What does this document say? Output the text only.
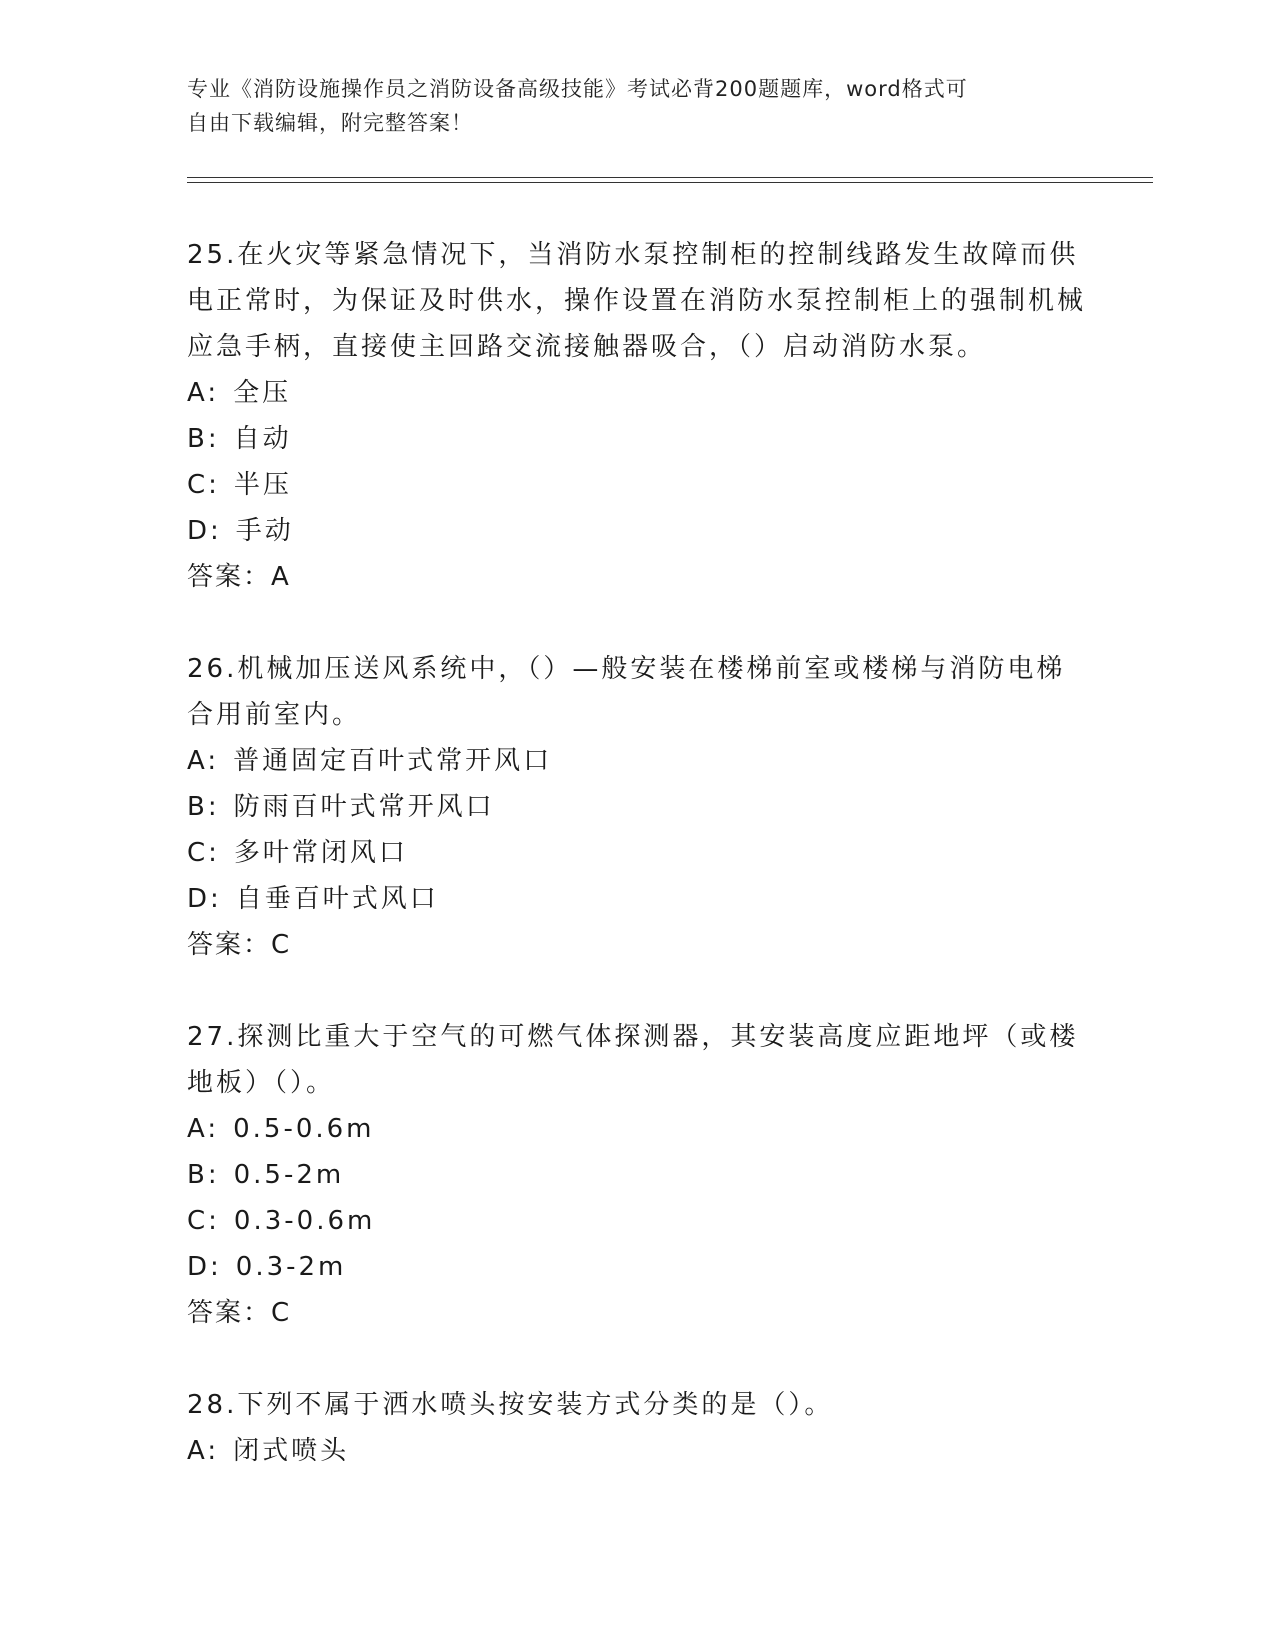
专业《消防设施操作员之消防设备高级技能》考试必背200题题库，word格式可
自由下载编辑，附完整答案！

25.在火灾等紧急情况下，当消防水泵控制柜的控制线路发生故障而供电正常时，为保证及时供水，操作设置在消防水泵控制柜上的强制机械应急手柄，直接使主回路交流接触器吸合，（）启动消防水泵。

A: 全压

B: 自动

C: 半压

D: 手动

答案：A

26.机械加压送风系统中，（）—般安装在楼梯前室或楼梯与消防电梯合用前室内。

A: 普通固定百叶式常开风口

B: 防雨百叶式常开风口

C: 多叶常闭风口

D: 自垂百叶式风口

答案：C

27.探测比重大于空气的可燃气体探测器，其安装高度应距地坪（或楼地板）（）。

A: 0.5-0.6m

B: 0.5-2m

C: 0.3-0.6m

D: 0.3-2m

答案：C

28.下列不属于洒水喷头按安装方式分类的是（）。

A: 闭式喷头
